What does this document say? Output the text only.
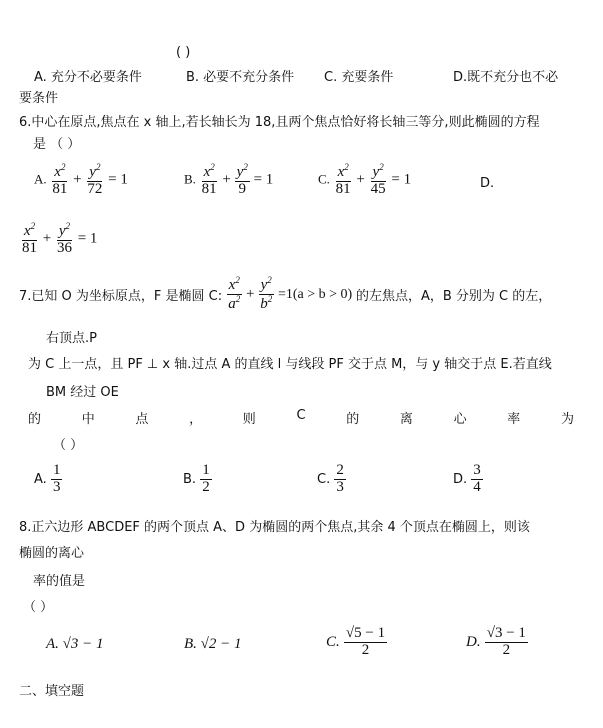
( )
A. 充分不必要条件	B. 必要不充分条件 C. 充要条件	D.既不充分也不必
要条件
6.中心在原点,焦点在 x 轴上,若长轴长为 18,且两个焦点恰好将长轴三等分,则此椭圆的方程
是 （ ）
A. $\frac{x^2}{81} + \frac{y^2}{72} = 1$	B. $\frac{x^2}{81} + \frac{y^2}{9} = 1$	C. $\frac{x^2}{81} + \frac{y^2}{45} = 1$	D.
$\frac{x^2}{81} + \frac{y^2}{36} = 1$
7.已知 O 为坐标原点，F 是椭圆 C: $\frac{x^2}{a^2} + \frac{y^2}{b^2} =1(a > b > 0)$ 的左焦点，A，B 分别为 C 的左，
右顶点.P
为 C 上一点，且 PF ⊥ x 轴.过点 A 的直线 l 与线段 PF 交于点 M，与 y 轴交于点 E.若直线
BM 经过 OE
的	中	点	，	则	C	的	离	心	率	为
（ ）
A. $\frac{1}{3}$	B. $\frac{1}{2}$	C. $\frac{2}{3}$	D. $\frac{3}{4}$
8.正六边形 ABCDEF 的两个顶点 A、D 为椭圆的两个焦点,其余 4 个顶点在椭圆上，则该
椭圆的离心
率的值是
（ ）
A. √3 − 1	B. √2 − 1	C. $\frac{√5 - 1}{2}$	D. $\frac{√3 - 1}{2}$
二、填空题
